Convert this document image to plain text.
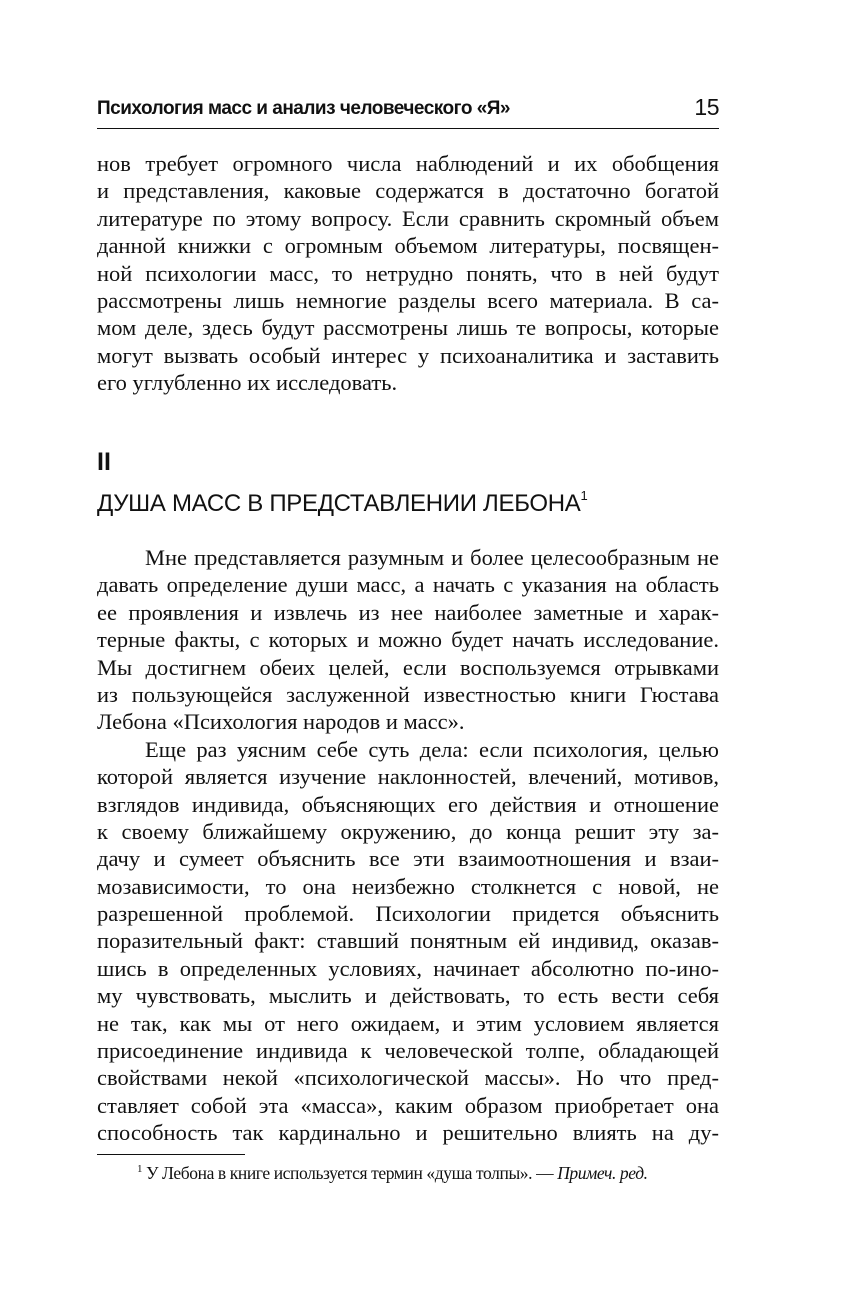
Психология масс и анализ человеческого «Я»	15
нов требует огромного числа наблюдений и их обобщения
и представления, каковые содержатся в достаточно богатой
литературе по этому вопросу. Если сравнить скромный объем
данной книжки с огромным объемом литературы, посвящен-
ной психологии масс, то нетрудно понять, что в ней будут
рассмотрены лишь немногие разделы всего материала. В са-
мом деле, здесь будут рассмотрены лишь те вопросы, которые
могут вызвать особый интерес у психоаналитика и заставить
его углубленно их исследовать.
II
ДУША МАСС В ПРЕДСТАВЛЕНИИ ЛЕБОНА$^1$
Мне представляется разумным и более целесообразным не
давать определение души масс, а начать с указания на область
ее проявления и извлечь из нее наиболее заметные и харак-
терные факты, с которых и можно будет начать исследование.
Мы достигнем обеих целей, если воспользуемся отрывками
из пользующейся заслуженной известностью книги Гюстава
Лебона «Психология народов и масс».
Еще раз уясним себе суть дела: если психология, целью
которой является изучение наклонностей, влечений, мотивов,
взглядов индивида, объясняющих его действия и отношение
к своему ближайшему окружению, до конца решит эту за-
дачу и сумеет объяснить все эти взаимоотношения и взаи-
мозависимости, то она неизбежно столкнется с новой, не
разрешенной проблемой. Психологии придется объяснить
поразительный факт: ставший понятным ей индивид, оказав-
шись в определенных условиях, начинает абсолютно по-ино-
му чувствовать, мыслить и действовать, то есть вести себя
не так, как мы от него ожидаем, и этим условием является
присоединение индивида к человеческой толпе, обладающей
свойствами некой «психологической массы». Но что пред-
ставляет собой эта «масса», каким образом приобретает она
способность так кардинально и решительно влиять на ду-
$^1$ У Лебона в книге используется термин «душа толпы». — Примеч. ред.
